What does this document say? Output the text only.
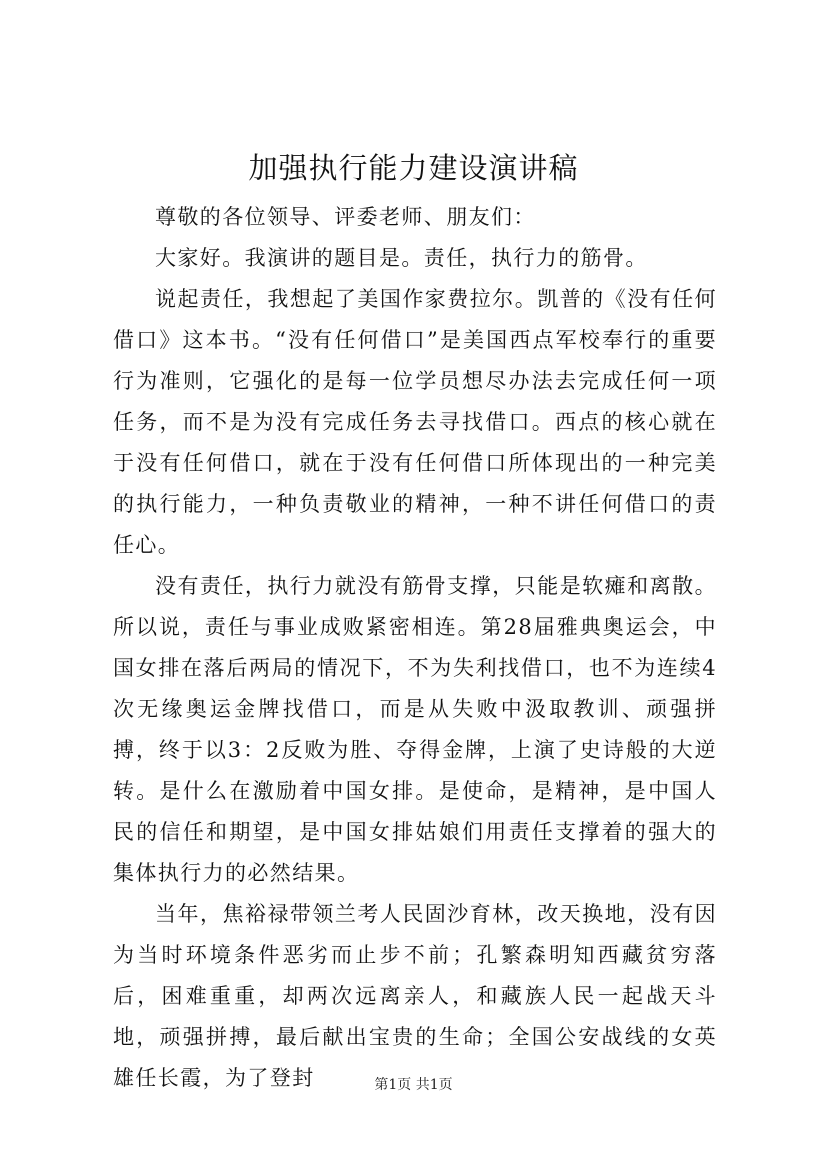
加强执行能力建设演讲稿

尊敬的各位领导、评委老师、朋友们：

大家好。我演讲的题目是。责任，执行力的筋骨。

说起责任，我想起了美国作家费拉尔。凯普的《没有任何借口》这本书。“没有任何借口”是美国西点军校奉行的重要行为准则，它强化的是每一位学员想尽办法去完成任何一项任务，而不是为没有完成任务去寻找借口。西点的核心就在于没有任何借口，就在于没有任何借口所体现出的一种完美的执行能力，一种负责敬业的精神，一种不讲任何借口的责任心。

没有责任，执行力就没有筋骨支撑，只能是软瘫和离散。所以说，责任与事业成败紧密相连。第28届雅典奥运会，中国女排在落后两局的情况下，不为失利找借口，也不为连续4次无缘奥运金牌找借口，而是从失败中汲取教训、顽强拼搏，终于以3：2反败为胜、夺得金牌，上演了史诗般的大逆转。是什么在激励着中国女排。是使命，是精神，是中国人民的信任和期望，是中国女排姑娘们用责任支撑着的强大的集体执行力的必然结果。

当年，焦裕禄带领兰考人民固沙育林，改天换地，没有因为当时环境条件恶劣而止步不前；孔繁森明知西藏贫穷落后，困难重重，却两次远离亲人，和藏族人民一起战天斗地，顽强拼搏，最后献出宝贵的生命；全国公安战线的女英雄任长霞，为了登封	第1页 共1页
